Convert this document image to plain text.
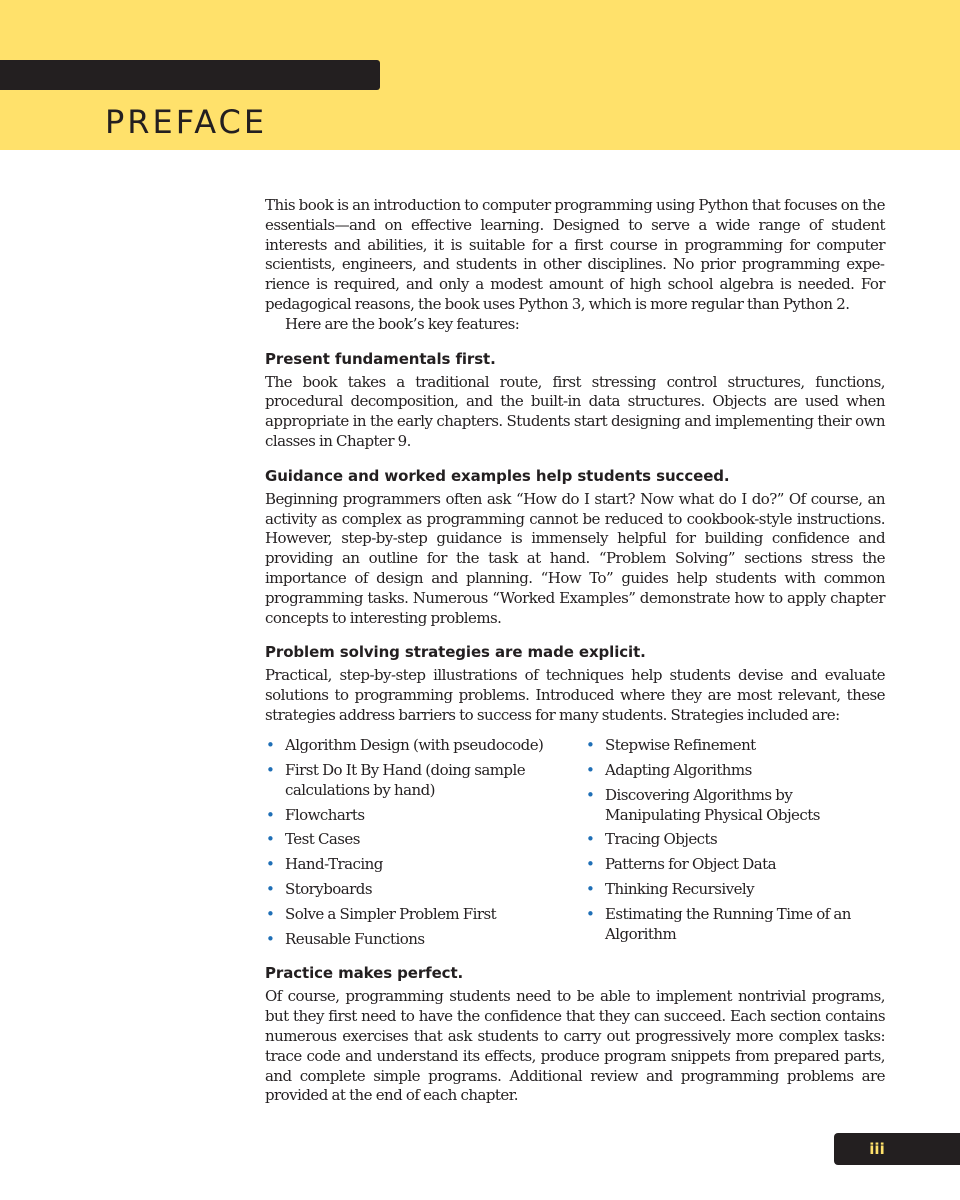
PREFACE

This book is an introduction to computer programming using Python that focuses on the essentials—and on effective learning. Designed to serve a wide range of student interests and abilities, it is suitable for a first course in programming for computer scientists, engineers, and students in other disciplines. No prior programming experience is required, and only a modest amount of high school algebra is needed. For pedagogical reasons, the book uses Python 3, which is more regular than Python 2.

Here are the book’s key features:

Present fundamentals first.

The book takes a traditional route, first stressing control structures, functions, procedural decomposition, and the built-in data structures. Objects are used when appropriate in the early chapters. Students start designing and implementing their own classes in Chapter 9.

Guidance and worked examples help students succeed.

Beginning programmers often ask “How do I start? Now what do I do?” Of course, an activity as complex as programming cannot be reduced to cookbook-style instructions. However, step-by-step guidance is immensely helpful for building confidence and providing an outline for the task at hand. “Problem Solving” sections stress the importance of design and planning. “How To” guides help students with common programming tasks. Numerous “Worked Examples” demonstrate how to apply chapter concepts to interesting problems.

Problem solving strategies are made explicit.

Practical, step-by-step illustrations of techniques help students devise and evaluate solutions to programming problems. Introduced where they are most relevant, these strategies address barriers to success for many students. Strategies included are:

• Algorithm Design (with pseudocode)
• First Do It By Hand (doing sample calculations by hand)
• Flowcharts
• Test Cases
• Hand-Tracing
• Storyboards
• Solve a Simpler Problem First
• Reusable Functions
• Stepwise Refinement
• Adapting Algorithms
• Discovering Algorithms by Manipulating Physical Objects
• Tracing Objects
• Patterns for Object Data
• Thinking Recursively
• Estimating the Running Time of an Algorithm
Practice makes perfect.

Of course, programming students need to be able to implement nontrivial programs, but they first need to have the confidence that they can succeed. Each section contains numerous exercises that ask students to carry out progressively more complex tasks: trace code and understand its effects, produce program snippets from prepared parts, and complete simple programs. Additional review and programming problems are provided at the end of each chapter.

iii
